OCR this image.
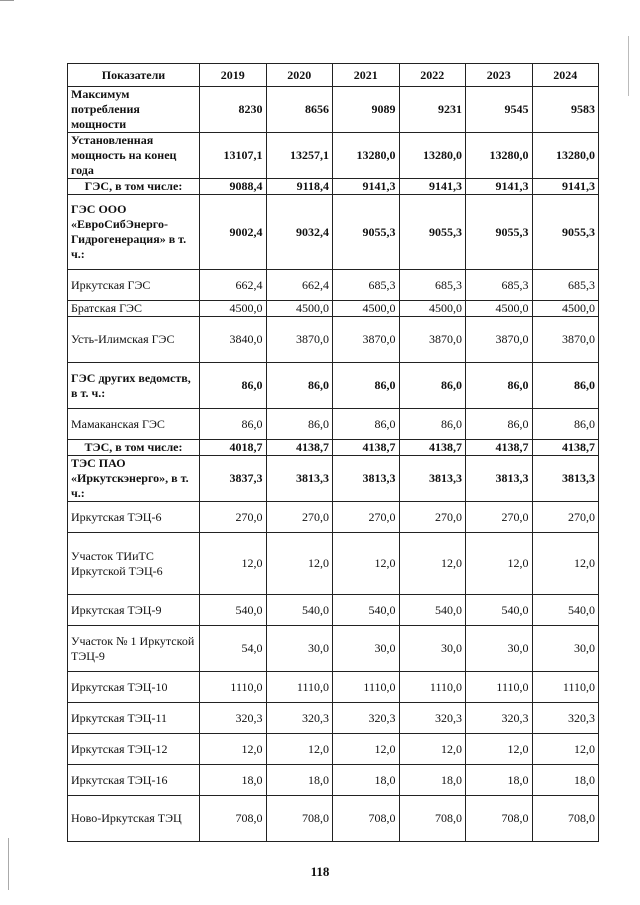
Показатели	2019	2020	2021	2022	2023	2024
Максимум потребления мощности	8230	8656	9089	9231	9545	9583
Установленная мощность на конец года	13107,1	13257,1	13280,0	13280,0	13280,0	13280,0
ГЭС, в том числе:	9088,4	9118,4	9141,3	9141,3	9141,3	9141,3
ГЭС ООО «ЕвроСибЭнерго-Гидрогенерация» в т. ч.:	9002,4	9032,4	9055,3	9055,3	9055,3	9055,3
Иркутская ГЭС	662,4	662,4	685,3	685,3	685,3	685,3
Братская ГЭС	4500,0	4500,0	4500,0	4500,0	4500,0	4500,0
Усть-Илимская ГЭС	3840,0	3870,0	3870,0	3870,0	3870,0	3870,0
ГЭС других ведомств, в т. ч.:	86,0	86,0	86,0	86,0	86,0	86,0
Мамаканская ГЭС	86,0	86,0	86,0	86,0	86,0	86,0
ТЭС, в том числе:	4018,7	4138,7	4138,7	4138,7	4138,7	4138,7
ТЭС ПАО «Иркутскэнерго», в т. ч.:	3837,3	3813,3	3813,3	3813,3	3813,3	3813,3
Иркутская ТЭЦ-6	270,0	270,0	270,0	270,0	270,0	270,0
Участок ТИиТС Иркутской ТЭЦ-6	12,0	12,0	12,0	12,0	12,0	12,0
Иркутская ТЭЦ-9	540,0	540,0	540,0	540,0	540,0	540,0
Участок № 1 Иркутской ТЭЦ-9	54,0	30,0	30,0	30,0	30,0	30,0
Иркутская ТЭЦ-10	1110,0	1110,0	1110,0	1110,0	1110,0	1110,0
Иркутская ТЭЦ-11	320,3	320,3	320,3	320,3	320,3	320,3
Иркутская ТЭЦ-12	12,0	12,0	12,0	12,0	12,0	12,0
Иркутская ТЭЦ-16	18,0	18,0	18,0	18,0	18,0	18,0
Ново-Иркутская ТЭЦ	708,0	708,0	708,0	708,0	708,0	708,0
118
